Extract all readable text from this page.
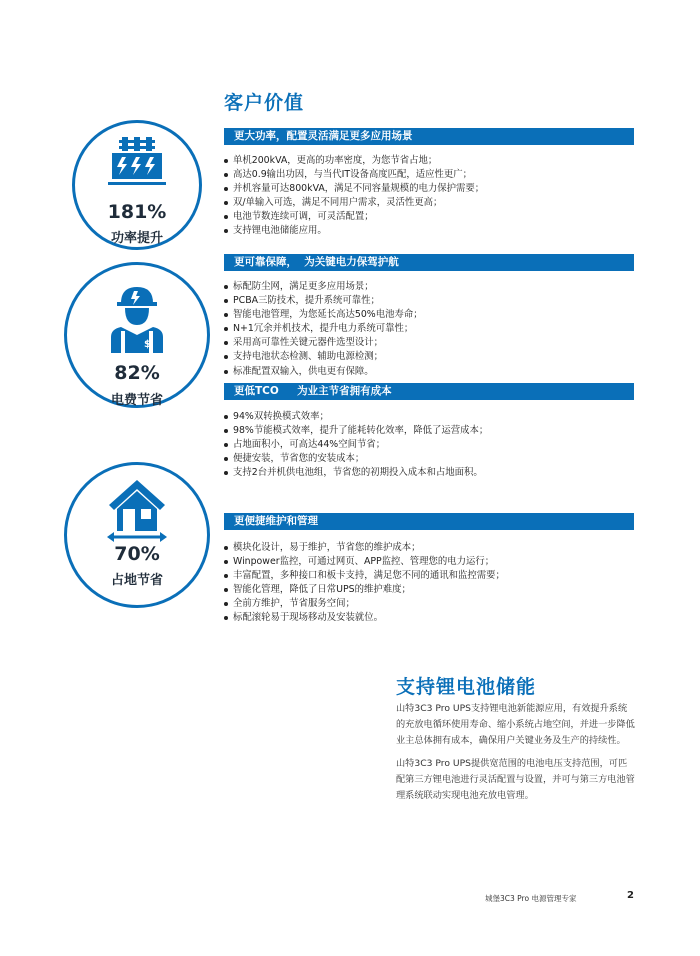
客户价值
更大功率，配置灵活满足更多应用场景
单机200kVA，更高的功率密度，为您节省占地；
高达0.9输出功因，与当代IT设备高度匹配，适应性更广；
并机容量可达800kVA，满足不同容量规模的电力保护需要；
双/单输入可选，满足不同用户需求，灵活性更高；
电池节数连续可调，可灵活配置；
支持锂电池储能应用。
更可靠保障，  为关键电力保驾护航
标配防尘网，满足更多应用场景；
PCBA三防技术，提升系统可靠性；
智能电池管理，为您延长高达50%电池寿命；
N+1冗余并机技术，提升电力系统可靠性；
采用高可靠性关键元器件选型设计；
支持电池状态检测、辅助电源检测；
标准配置双输入，供电更有保障。
更低TCO     为业主节省拥有成本
94%双转换模式效率；
98%节能模式效率，提升了能耗转化效率，降低了运营成本；
占地面积小，可高达44%空间节省；
便捷安装，节省您的安装成本；
支持2台并机供电池组，节省您的初期投入成本和占地面积。
更便捷维护和管理
模块化设计，易于维护，节省您的维护成本；
Winpower监控，可通过网页、APP监控、管理您的电力运行；
丰富配置，多种接口和板卡支持，满足您不同的通讯和监控需要；
智能化管理，降低了日常UPS的维护难度；
全前方维护，节省服务空间；
标配滚轮易于现场移动及安装就位。
181%
功率提升
$
82%
电费节省
70%
占地节省
支持锂电池储能

山特3C3 Pro UPS支持锂电池新能源应用，有效提升系统的充放电循环使用寿命、缩小系统占地空间，并进一步降低业主总体拥有成本，确保用户关键业务及生产的持续性。

山特3C3 Pro UPS提供宽范围的电池电压支持范围，可匹配第三方锂电池进行灵活配置与设置，并可与第三方电池管理系统联动实现电池充放电管理。

城堡3C3 Pro 电源管理专家	2
